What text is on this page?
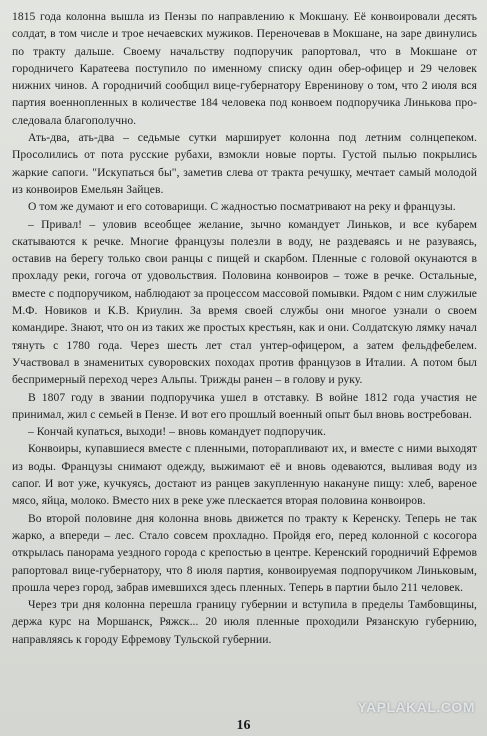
1815 года колонна вышла из Пензы по направлению к Мокшану. Её конвоировали десять солдат, в том числе и трое нечаевских мужиков. Переночевав в Мокшане, на заре двинулись по тракту дальше. Своему начальству подпоручик рапортовал, что в Мокшане от городничего Каратеева поступило по именному списку один обер-офицер и 29 человек нижних чинов. А городничий сообщил вице-губернатору Евренинову о том, что 2 июля вся партия военнопленных в количестве 184 человека под конвоем подпоручика Линькова проследовала благополучно.

Ать-два, ать-два – седьмые сутки марширует колонна под летним солнцепеком. Просолились от пота русские рубахи, взмокли новые порты. Густой пылью покрылись жаркие сапоги. "Искупаться бы", заметив слева от тракта речушку, мечтает самый молодой из конвоиров Емельян Зайцев.

О том же думают и его сотоварищи. С жадностью посматривают на реку и французы.

– Привал! – уловив всеобщее желание, зычно командует Линьков, и все кубарем скатываются к речке. Многие французы полезли в воду, не раздеваясь и не разуваясь, оставив на берегу только свои ранцы с пищей и скарбом. Пленные с головой окунаются в прохладу реки, гогоча от удовольствия. Половина конвоиров – тоже в речке. Остальные, вместе с подпоручиком, наблюдают за процессом массовой помывки. Рядом с ним служилые М.Ф. Новиков и К.В. Криулин. За время своей службы они многое узнали о своем командире. Знают, что он из таких же простых крестьян, как и они. Солдатскую лямку начал тянуть с 1780 года. Через шесть лет стал унтер-офицером, а затем фельдфебелем. Участвовал в знаменитых суворовских походах против французов в Италии. А потом был беспримерный переход через Альпы. Трижды ранен – в голову и руку.

В 1807 году в звании подпоручика ушел в отставку. В войне 1812 года участия не принимал, жил с семьей в Пензе. И вот его прошлый военный опыт был вновь востребован.

– Кончай купаться, выходи! – вновь командует подпоручик.

Конвоиры, купавшиеся вместе с пленными, поторапливают их, и вместе с ними выходят из воды. Французы снимают одежду, выжимают её и вновь одеваются, выливая воду из сапог. И вот уже, кучкуясь, достают из ранцев закупленную накануне пищу: хлеб, вареное мясо, яйца, молоко. Вместо них в реке уже плескается вторая половина конвоиров.

Во второй половине дня колонна вновь движется по тракту к Керенску. Теперь не так жарко, а впереди – лес. Стало совсем прохладно. Пройдя его, перед колонной с косогора открылась панорама уездного города с крепостью в центре. Керенский городничий Ефремов рапортовал вице-губернатору, что 8 июля партия, конвоируемая подпоручиком Линьковым, прошла через город, забрав имевшихся здесь пленных. Теперь в партии было 211 человек.

Через три дня колонна перешла границу губернии и вступила в пределы Тамбовщины, держа курс на Моршанск, Ряжск... 20 июля пленные проходили Рязанскую губернию, направляясь к городу Ефремову Тульской губернии.

YAPLAKAL.COM
16
